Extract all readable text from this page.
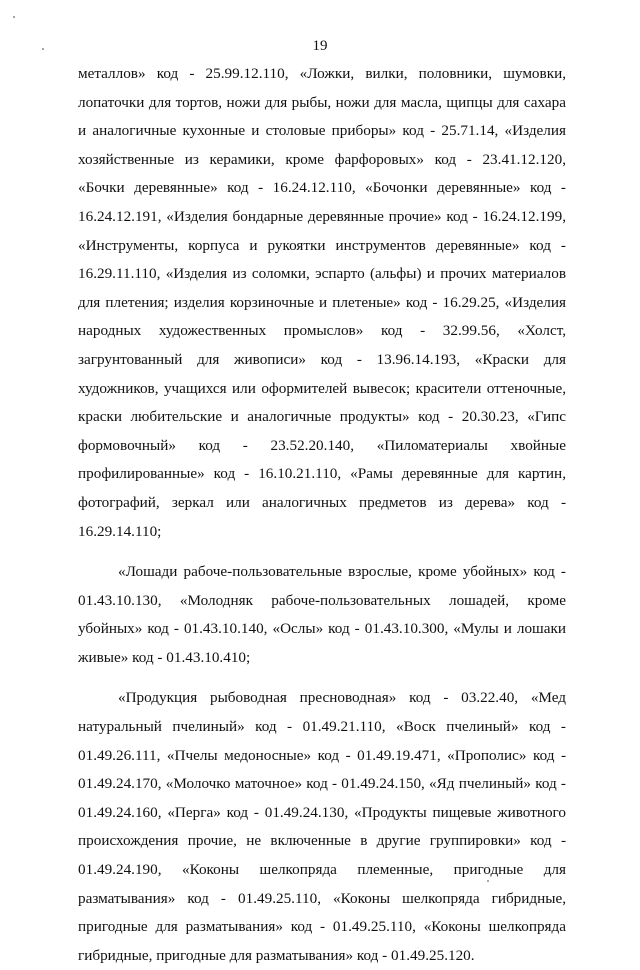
19

металлов» код - 25.99.12.110, «Ложки, вилки, половники, шумовки, лопаточки для тортов, ножи для рыбы, ножи для масла, щипцы для сахара и аналогичные кухонные и столовые приборы» код - 25.71.14, «Изделия хозяйственные из керамики, кроме фарфоровых» код - 23.41.12.120, «Бочки деревянные» код - 16.24.12.110, «Бочонки деревянные» код - 16.24.12.191, «Изделия бондарные деревянные прочие» код - 16.24.12.199, «Инструменты, корпуса и рукоятки инструментов деревянные» код - 16.29.11.110, «Изделия из соломки, эспарто (альфы) и прочих материалов для плетения; изделия корзиночные и плетеные» код - 16.29.25, «Изделия народных художественных промыслов» код - 32.99.56, «Холст, загрунтованный для живописи» код - 13.96.14.193, «Краски для художников, учащихся или оформителей вывесок; красители оттеночные, краски любительские и аналогичные продукты» код - 20.30.23, «Гипс формовочный» код - 23.52.20.140, «Пиломатериалы хвойные профилированные» код - 16.10.21.110, «Рамы деревянные для картин, фотографий, зеркал или аналогичных предметов из дерева» код - 16.29.14.110;

«Лошади рабоче-пользовательные взрослые, кроме убойных» код - 01.43.10.130, «Молодняк рабоче-пользовательных лошадей, кроме убойных» код - 01.43.10.140, «Ослы» код - 01.43.10.300, «Мулы и лошаки живые» код - 01.43.10.410;

«Продукция рыбоводная пресноводная» код - 03.22.40, «Мед натуральный пчелиный» код - 01.49.21.110, «Воск пчелиный» код - 01.49.26.111, «Пчелы медоносные» код - 01.49.19.471, «Прополис» код - 01.49.24.170, «Молочко маточное» код - 01.49.24.150, «Яд пчелиный» код - 01.49.24.160, «Перга» код - 01.49.24.130, «Продукты пищевые животного происхождения прочие, не включенные в другие группировки» код - 01.49.24.190, «Коконы шелкопряда племенные, пригодные для разматывания» код - 01.49.25.110, «Коконы шелкопряда гибридные, пригодные для разматывания» код - 01.49.25.110, «Коконы шелкопряда гибридные, пригодные для разматывания» код - 01.49.25.120.
